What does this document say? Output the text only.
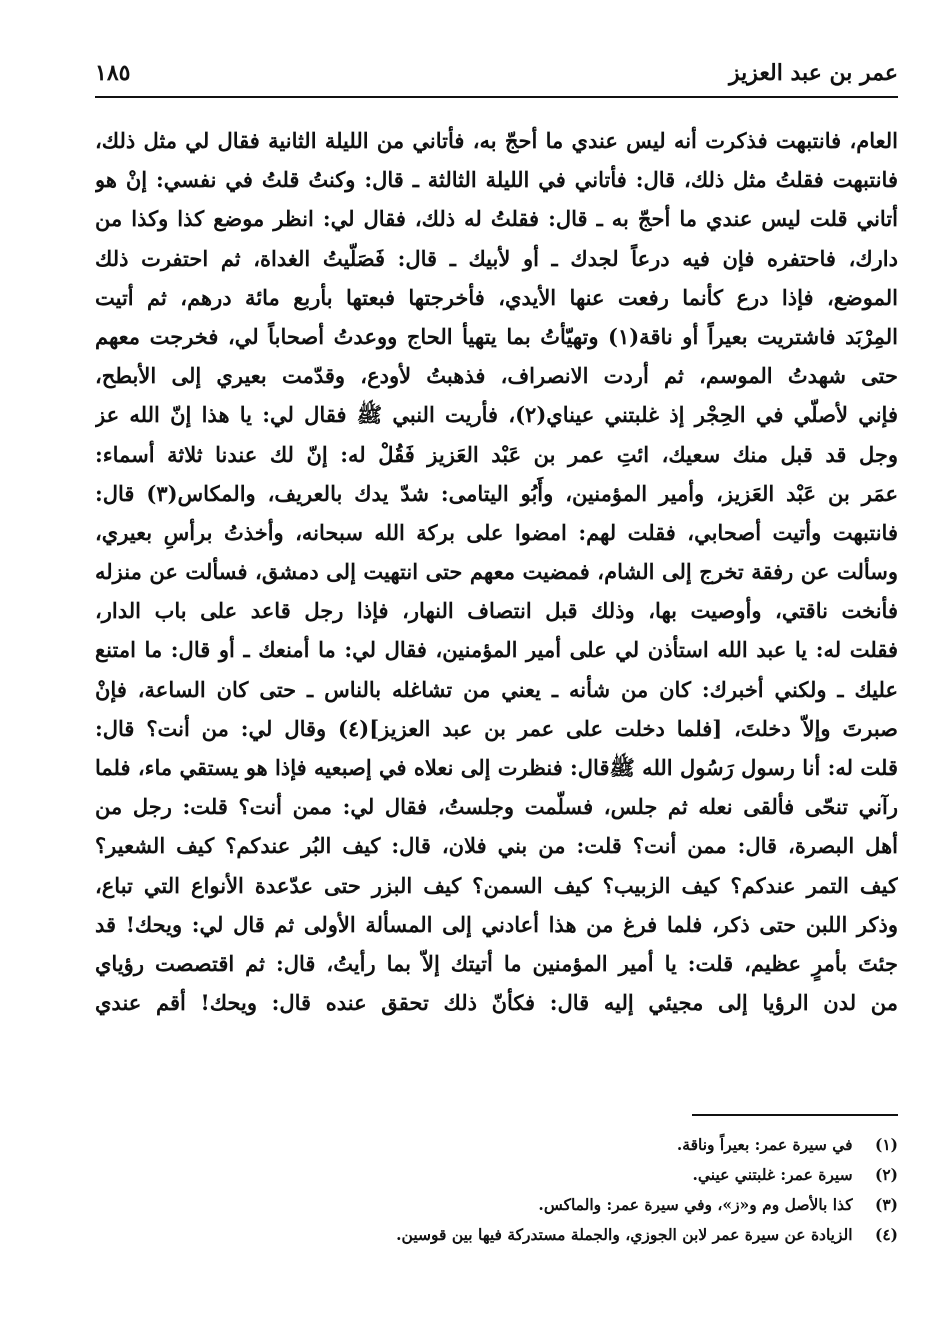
عمر بن عبد العزيز
١٨٥
العام، فانتبهت فذكرت أنه ليس عندي ما أحجّ به، فأتاني من الليلة الثانية فقال لي مثل ذلك،
فانتبهت فقلتُ مثل ذلك، قال: فأتاني في الليلة الثالثة ـ قال: وكنتُ قلتُ في نفسي: إنْ هو
أتاني قلت ليس عندي ما أحجّ به ـ قال: فقلتُ له ذلك، فقال لي: انظر موضع كذا وكذا من
دارك، فاحتفره فإن فيه درعاً لجدك ـ أو لأبيك ـ قال: فَصَلّيتُ الغداة، ثم احتفرت ذلك
الموضع، فإذا درع كأنما رفعت عنها الأيدي، فأخرجتها فبعتها بأربع مائة درهم، ثم أتيت
المِرْبَد فاشتريت بعيراً أو ناقة(١) وتهيّأتُ بما يتهيأ الحاج ووعدتُ أصحاباً لي، فخرجت معهم
حتى شهدتُ الموسم، ثم أردت الانصراف، فذهبتُ لأودع، وقدّمت بعيري إلى الأبطح،
فإني لأصلّي في الحِجْر إذ غلبتني عيناي(٢)، فأريت النبي ﷺ فقال لي: يا هذا إنّ الله عز
وجل قد قبل منك سعيك، ائتِ عمر بن عَبْد العَزيز فَقُلْ له: إنّ لك عندنا ثلاثة أسماء:
عمَر بن عَبْد العَزيز، وأمير المؤمنين، وأَبُو اليتامى: شدّ يدك بالعريف، والمكاس(٣) قال:
فانتبهت وأتيت أصحابي، فقلت لهم: امضوا على بركة الله سبحانه، وأخذتُ برأسِ بعيري،
وسألت عن رفقة تخرج إلى الشام، فمضيت معهم حتى انتهيت إلى دمشق، فسألت عن منزله
فأنخت ناقتي، وأوصيت بها، وذلك قبل انتصاف النهار، فإذا رجل قاعد على باب الدار،
فقلت له: يا عبد الله استأذن لي على أمير المؤمنين، فقال لي: ما أمنعك ـ أو قال: ما امتنع
عليك ـ ولكني أخبرك: كان من شأنه ـ يعني من تشاغله بالناس ـ حتى كان الساعة، فإنْ
صبرتَ وإلاّ دخلتَ، [فلما دخلت على عمر بن عبد العزيز](٤) وقال لي: من أنت؟ قال:
قلت له: أنا رسول رَسُول الله ﷺقال: فنظرت إلى نعلاه في إصبعيه فإذا هو يستقي ماء، فلما
رآني تنحّى فألقى نعله ثم جلس، فسلّمت وجلستُ، فقال لي: ممن أنت؟ قلت: رجل من
أهل البصرة، قال: ممن أنت؟ قلت: من بني فلان، قال: كيف البُر عندكم؟ كيف الشعير؟
كيف التمر عندكم؟ كيف الزبيب؟ كيف السمن؟ كيف البزر حتى عدّعدة الأنواع التي تباع،
وذكر اللبن حتى ذكر، فلما فرغ من هذا أعادني إلى المسألة الأولى ثم قال لي: ويحك! قد
جئتَ بأمرٍ عظيم، قلت: يا أمير المؤمنين ما أتيتك إلاّ بما رأيتُ، قال: ثم اقتصصت رؤياي
من لدن الرؤيا إلى مجيئي إليه قال: فكأنّ ذلك تحقق عنده قال: ويحك! أقم عندي
(١) في سيرة عمر: بعيراً وناقة.
(٢) سيرة عمر: غلبتني عيني.
(٣) كذا بالأصل وم و«ز»، وفي سيرة عمر: والماكس.
(٤) الزيادة عن سيرة عمر لابن الجوزي، والجملة مستدركة فيها بين قوسين.
